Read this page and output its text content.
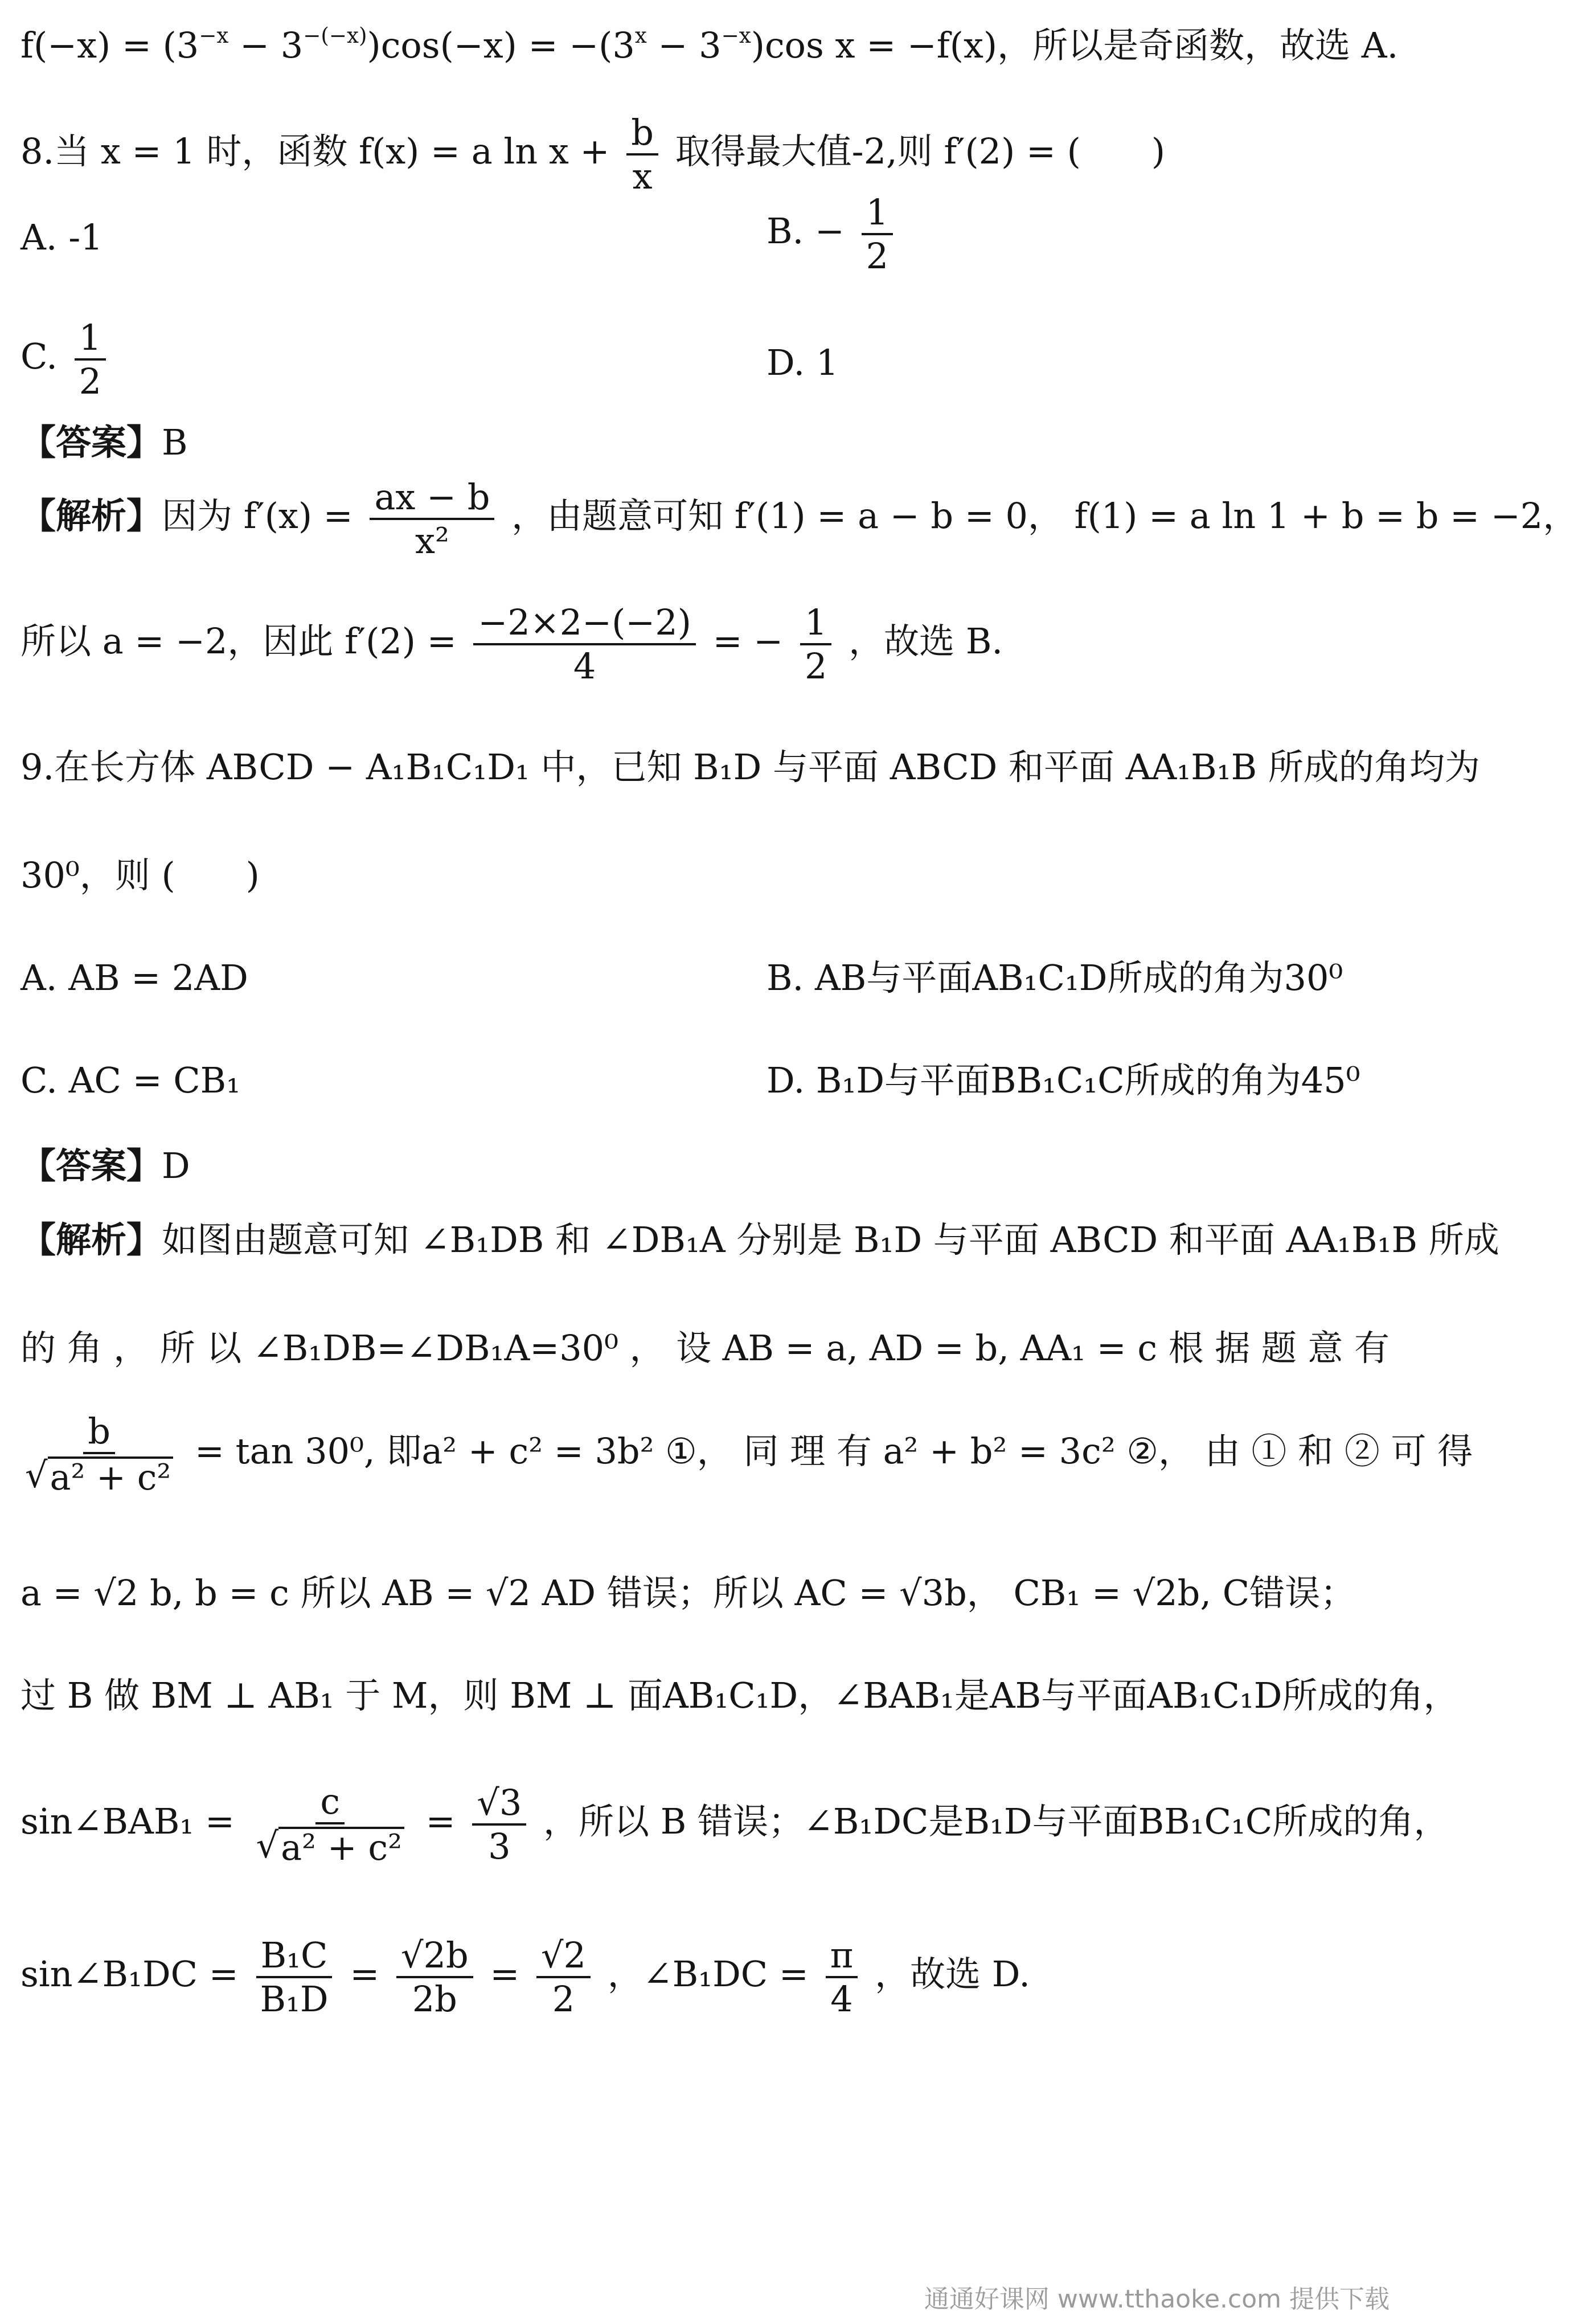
$f(-x) = (3^{-x} - 3^{-(-x)})\cos(-x) = -(3^x - 3^{-x})\cos$ x = −f(x)，所以是奇函数，故选 A.
8.当 x = 1 时，函数 f(x) = a $\ln x + \frac{b}{x}$ 取得最大值-2,则 f′(2) = (　　)
A. -1	B. − $\frac{1}{2}$
C. $\frac{1}{2}$	D. 1
【答案】B
【解析】因为 $f'(x) = \frac{ax - b}{\text{x²}}$ ，由题意可知 f′(1) = a − b = 0， f(1) = a ln 1 + b = b = −2，
所以 a = −2，因此 $f'(2) = \frac{-2\times 2-(-2)}{4}$ = − $\frac{1}{2}$ ，故选 B.
9.在长方体 ABCD − A₁B₁C₁D₁ 中，已知 B₁D 与平面 ABCD 和平面 AA₁B₁B 所成的角均为
30⁰，则 (　　)
A. AB = 2AD	B. AB与平面AB₁C₁D所成的角为30⁰
C. AC = CB₁	D. B₁D与平面BB₁C₁C所成的角为45⁰
【答案】D
【解析】如图由题意可知 ∠B₁DB 和 ∠DB₁A 分别是 B₁D 与平面 ABCD 和平面 AA₁B₁B 所成
的 角 ， 所 以 ∠B₁DB=∠DB₁A=30⁰ ， 设 AB = a, AD = b, AA₁ = c 根 据 题 意 有
$\frac{b}{\text{√ a² + c²}} = \tan 30^0$, 即a² + c² = 3b² ①， 同 理 有 a² + b² = 3c² ②， 由 ① 和 ② 可 得
a = √2 b, b = c 所以 AB = √2 AD 错误；所以 AC = √3b， CB₁ = √2b, C错误；
过 B 做 BM ⊥ AB₁ 于 M，则 BM ⊥ 面AB₁C₁D，∠BAB₁是AB与平面AB₁C₁D所成的角，
sin∠BAB₁ = $\frac{c}{\text{√ a² + c²}} = \frac{√3}{3}$ ，所以 B 错误；∠B₁DC是B₁D与平面BB₁C₁C所成的角，
sin∠B₁DC = $\frac{\text{B₁C}}{\text{B₁D}} = \frac{√2b}{2b} = \frac{√2}{2}$ ，∠B₁DC = $\frac{\pi}{4}$ ，故选 D.
通通好课网 www.tthaoke.com 提供下载
